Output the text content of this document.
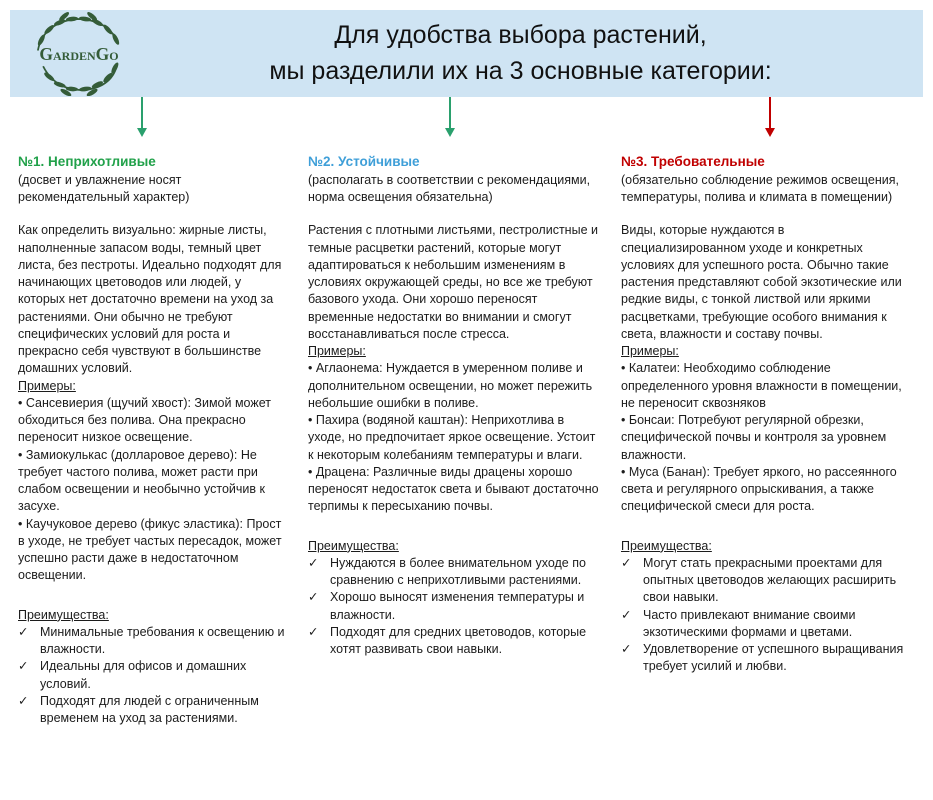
GardenGo
Для удобства выбора растений,
мы разделили их на 3 основные категории:
№1. Неприхотливые

(досвет и увлажнение носят рекомендательный характер)

Как определить визуально: жирные листы, наполненные запасом воды, темный цвет листа, без пестроты. Идеально подходят для начинающих цветоводов или людей, у которых нет достаточно времени на уход за растениями. Они обычно не требуют специфических условий для роста и прекрасно себя чувствуют в большинстве домашних условий.

Примеры:

• Сансевиерия (щучий хвост): Зимой может обходиться без полива. Она прекрасно переносит низкое освещение.

• Замиокулькас (долларовое дерево): Не требует частого полива, может расти при слабом освещении и необычно устойчив к засухе.

• Каучуковое дерево (фикус эластика): Прост в уходе, не требует частых пересадок, может успешно расти даже в недостаточном освещении.

Преимущества:

✓ Минимальные требования к освещению и влажности.
✓ Идеальны для офисов и домашних условий.
✓ Подходят для людей с ограниченным временем на уход за растениями.
№2. Устойчивые

(располагать в соответствии с рекомендациями, норма освещения обязательна)

Растения с плотными листьями, пестролистные и темные расцветки растений, которые могут адаптироваться к небольшим изменениям в условиях окружающей среды, но все же требуют базового ухода. Они хорошо переносят временные недостатки во внимании и смогут восстанавливаться после стресса.

Примеры:

• Аглаонема: Нуждается в умеренном поливе и дополнительном освещении, но может пережить небольшие ошибки в поливе.

• Пахира (водяной каштан): Неприхотлива в уходе, но предпочитает яркое освещение. Устоит к некоторым колебаниям температуры и влаги.

• Драцена: Различные виды драцены хорошо переносят недостаток света и бывают достаточно терпимы к пересыханию почвы.

Преимущества:

✓ Нуждаются в более внимательном уходе по сравнению с неприхотливыми растениями.
✓ Хорошо выносят изменения температуры и влажности.
✓ Подходят для средних цветоводов, которые хотят развивать свои навыки.
№3. Требовательные

(обязательно соблюдение режимов освещения, температуры, полива и климата в помещении)

Виды, которые нуждаются в специализированном уходе и конкретных условиях для успешного роста. Обычно такие растения представляют собой экзотические или редкие виды, с тонкой листвой или яркими расцветками, требующие особого внимания к света, влажности и составу почвы.

Примеры:

• Калатеи: Необходимо соблюдение определенного уровня влажности в помещении, не переносит сквозняков

• Бонсаи: Потребуют регулярной обрезки, специфической почвы и контроля за уровнем влажности.

• Муса (Банан): Требует яркого, но рассеянного света и регулярного опрыскивания, а также специфической смеси для роста.

Преимущества:

✓ Могут стать прекрасными проектами для опытных цветоводов желающих расширить свои навыки.
✓ Часто привлекают внимание своими экзотическими формами и цветами.
✓ Удовлетворение от успешного выращивания требует усилий и любви.
